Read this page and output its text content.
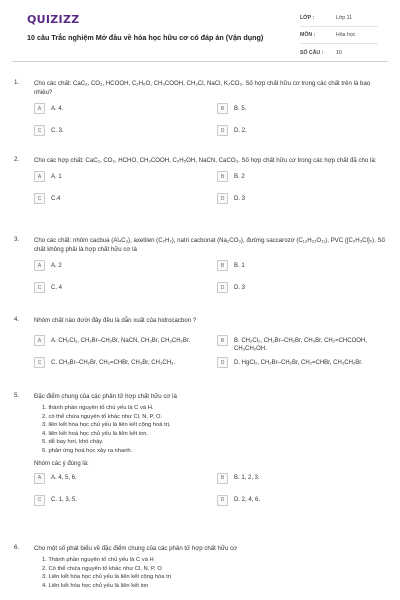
QUIZIZZ
10 câu Trắc nghiệm Mở đầu về hóa học hữu cơ có đáp án (Vận dụng)
LỚP :	Lớp 11
MÔN :	Hóa học
SỐ CÂU :	10
1. Cho các chất: CaC₂, CO₂, HCOOH, C₂H₆O, CH₃COOH, CH₃Cl, NaCl, K₂CO₃. Số hợp chất hữu cơ trong các chất trên là bao nhiêu?
A	A. 4.	B	B. 5.
C	C. 3.	D	D. 2.
2. Cho các hợp chất: CaC₂, CO₂, HCHO, CH₃COOH, C₂H₅OH, NaCN, CaCO₃. Số hợp chất hữu cơ trong các hợp chất đã cho là:
A	A. 1	B	B. 2
C	C.4	D	D. 3
3. Cho các chất: nhôm cacbua (Al₄C₃), axetilen (C₂H₂), natri cacbonat (Na₂CO₃), đường saccarozơ (C₁₂H₂₂O₁₁), PVC ([C₂H₃Cl]ₙ). Số chất không phải là hợp chất hữu cơ là
A	A. 2	B	B. 1
C	C. 4	D	D. 3
4. Nhóm chất nào dưới đây đều là dẫn xuất của hidrocacbon ?
A	A. CH₂Cl₂, CH₂Br–CH₂Br, NaCN, CH₃Br, CH₃CH₂Br.	B	B. CH₂Cl₂, CH₂Br–CH₂Br, CH₃Br, CH₂=CHCOOH, CH₃CH₂OH.
C	C. CH₂Br–CH₂Br, CH₂=CHBr, CH₃Br, CH₃CH₃.	D	D. HgCl₂, CH₂Br–CH₂Br, CH₂=CHBr, CH₃CH₂Br.
5. Đặc điểm chung của các phân tử hợp chất hữu cơ là
1. thành phần nguyên tố chủ yếu là C và H.
2. có thể chứa nguyên tố khác như Cl, N, P, O.
3. liên kết hóa học chủ yếu là liên kết cộng hoá trị.
4. liên kết hoá học chủ yếu là liên kết ion.
5. dễ bay hơi, khó cháy.
6. phản ứng hoá học xảy ra nhanh.
Nhóm các ý đúng là:
A	A. 4, 5, 6.	B	B. 1, 2, 3.
C	C. 1, 3, 5.	D	D. 2, 4, 6.
6. Cho một số phát biểu về đặc điểm chung của các phân tử hợp chất hữu cơ
1. Thành phần nguyên tố chủ yếu là C và H
2. Có thể chứa nguyên tố khác như Cl, N, P, O
3. Liên kết hóa học chủ yếu là liên kết cộng hóa trị
4. Liên kết hóa học chủ yếu là liên kết ion
